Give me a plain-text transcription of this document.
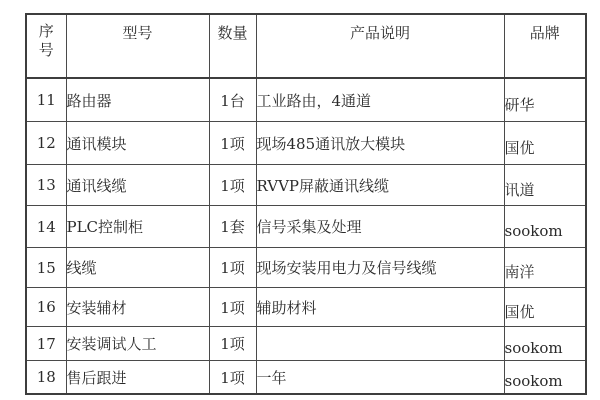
序号	型号	数量	产品说明	品牌
11	路由器	1台	工业路由，4通道	研华
12	通讯模块	1项	现场485通讯放大模块	国优
13	通讯线缆	1项	RVVP屏蔽通讯线缆	讯道
14	PLC控制柜	1套	信号采集及处理	sookom
15	线缆	1项	现场安装用电力及信号线缆	南洋
16	安装辅材	1项	辅助材料	国优
17	安装调试人工	1项		sookom
18	售后跟进	1项	一年	sookom
